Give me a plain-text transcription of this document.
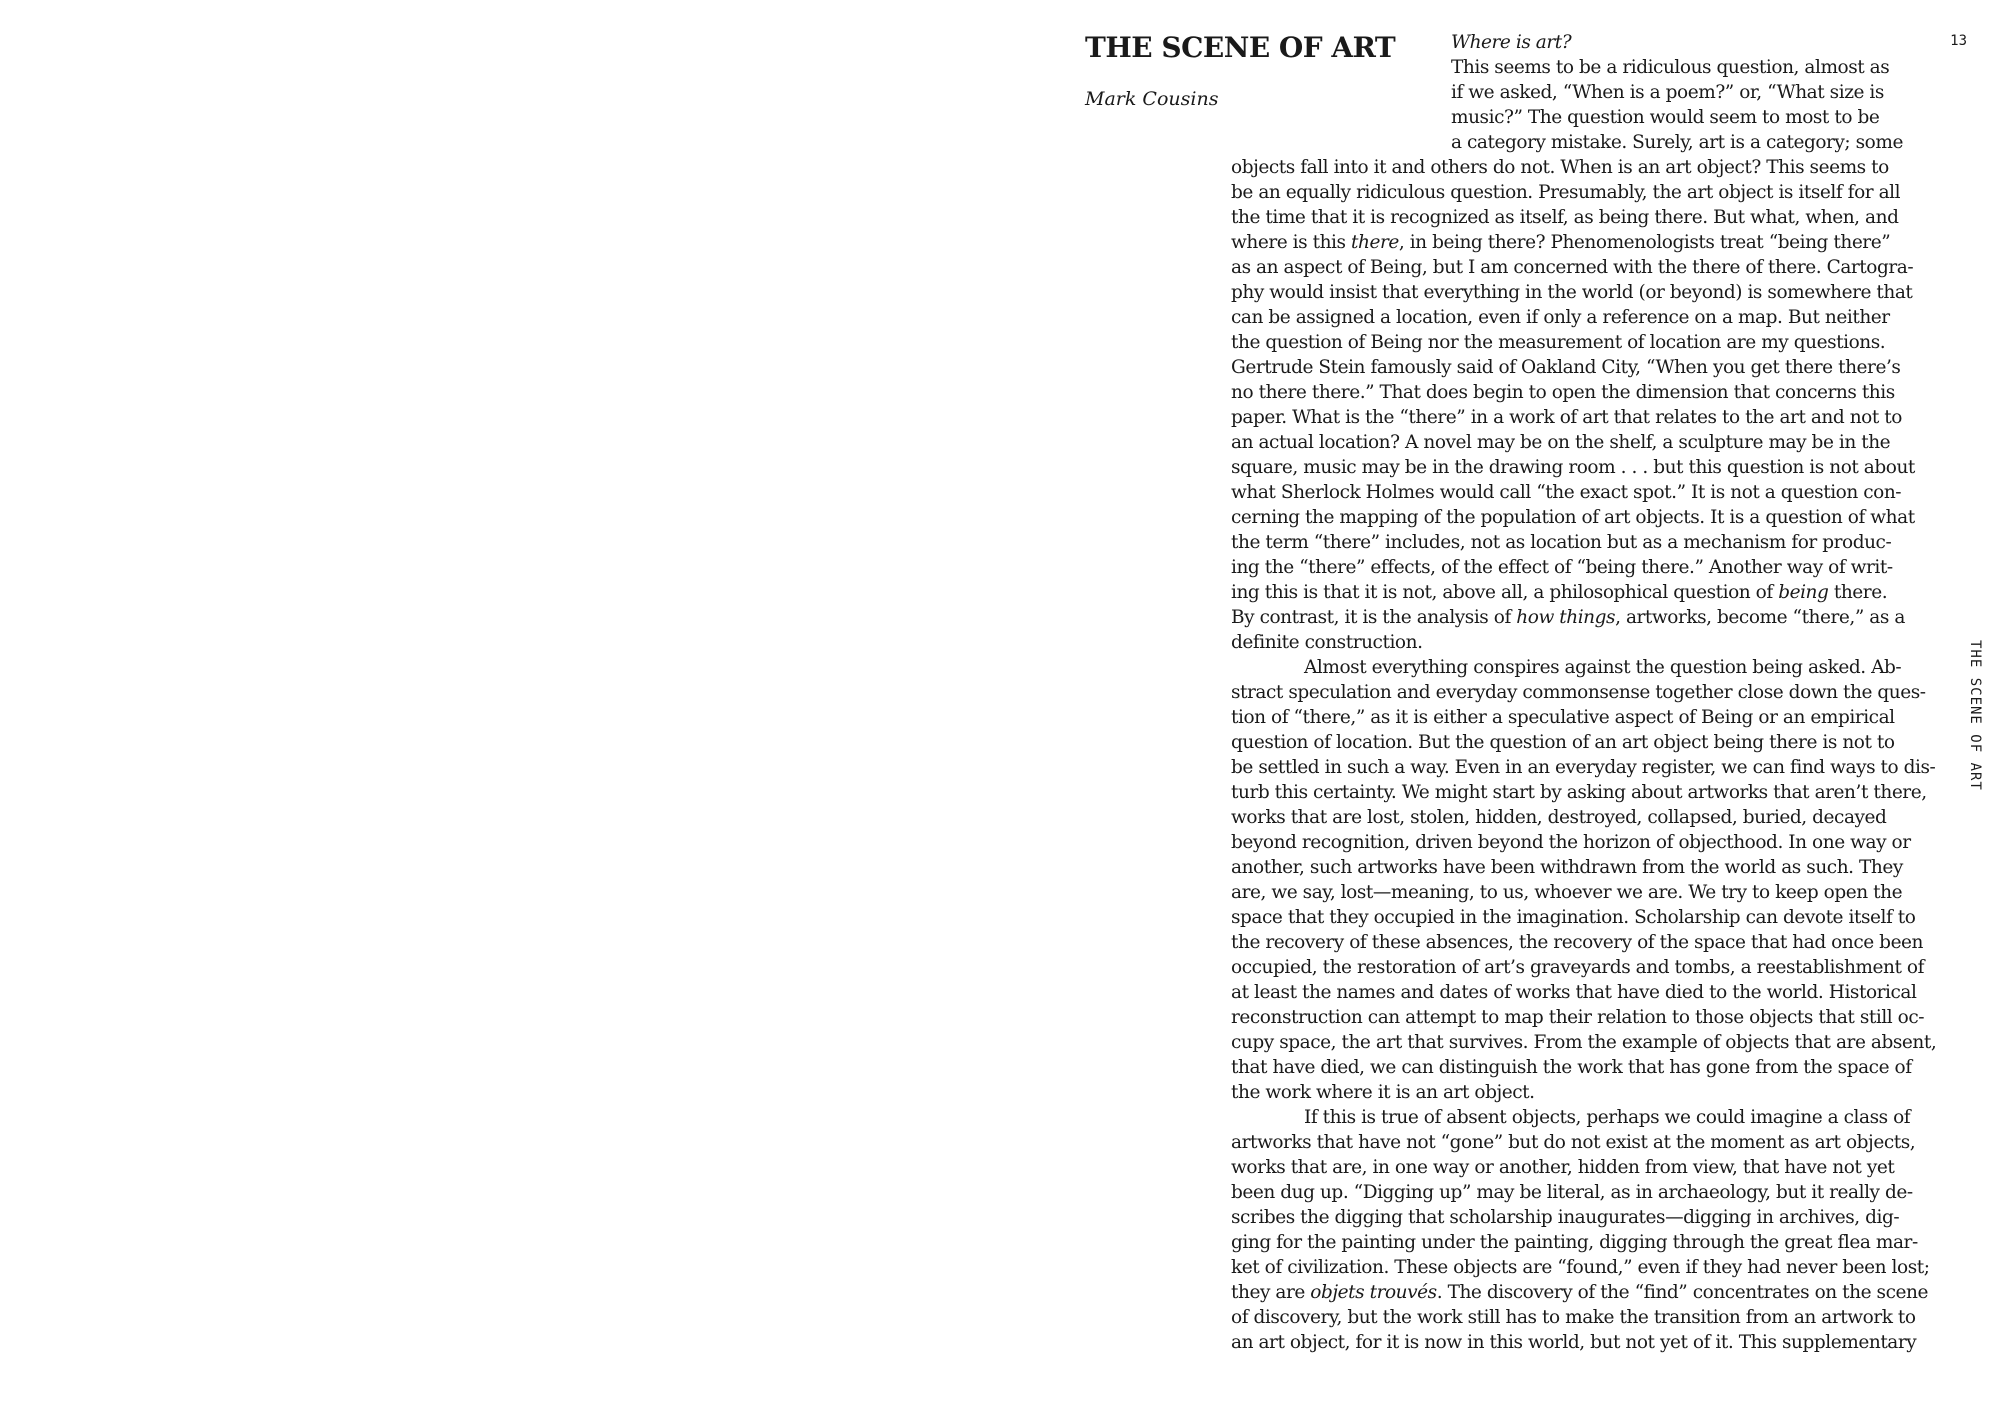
THE SCENE OF ART

Mark Cousins

13
THE SCENE OF ART
Where is art?
This seems to be a ridiculous question, almost as
if we asked, “When is a poem?” or, “What size is
music?” The question would seem to most to be
a category mistake. Surely, art is a category; some
objects fall into it and others do not. When is an art object? This seems to
be an equally ridiculous question. Presumably, the art object is itself for all
the time that it is recognized as itself, as being there. But what, when, and
where is this there, in being there? Phenomenologists treat “being there”
as an aspect of Being, but I am concerned with the there of there. Cartogra-
phy would insist that everything in the world (or beyond) is somewhere that
can be assigned a location, even if only a reference on a map. But neither
the question of Being nor the measurement of location are my questions.
Gertrude Stein famously said of Oakland City, “When you get there there’s
no there there.” That does begin to open the dimension that concerns this
paper. What is the “there” in a work of art that relates to the art and not to
an actual location? A novel may be on the shelf, a sculpture may be in the
square, music may be in the drawing room . . . but this question is not about
what Sherlock Holmes would call “the exact spot.” It is not a question con-
cerning the mapping of the population of art objects. It is a question of what
the term “there” includes, not as location but as a mechanism for produc-
ing the “there” effects, of the effect of “being there.” Another way of writ-
ing this is that it is not, above all, a philosophical question of being there.
By contrast, it is the analysis of how things, artworks, become “there,” as a
definite construction.
Almost everything conspires against the question being asked. Ab-
stract speculation and everyday commonsense together close down the ques-
tion of “there,” as it is either a speculative aspect of Being or an empirical
question of location. But the question of an art object being there is not to
be settled in such a way. Even in an everyday register, we can find ways to dis-
turb this certainty. We might start by asking about artworks that aren’t there,
works that are lost, stolen, hidden, destroyed, collapsed, buried, decayed
beyond recognition, driven beyond the horizon of objecthood. In one way or
another, such artworks have been withdrawn from the world as such. They
are, we say, lost—meaning, to us, whoever we are. We try to keep open the
space that they occupied in the imagination. Scholarship can devote itself to
the recovery of these absences, the recovery of the space that had once been
occupied, the restoration of art’s graveyards and tombs, a reestablishment of
at least the names and dates of works that have died to the world. Historical
reconstruction can attempt to map their relation to those objects that still oc-
cupy space, the art that survives. From the example of objects that are absent,
that have died, we can distinguish the work that has gone from the space of
the work where it is an art object.
If this is true of absent objects, perhaps we could imagine a class of
artworks that have not “gone” but do not exist at the moment as art objects,
works that are, in one way or another, hidden from view, that have not yet
been dug up. “Digging up” may be literal, as in archaeology, but it really de-
scribes the digging that scholarship inaugurates—digging in archives, dig-
ging for the painting under the painting, digging through the great flea mar-
ket of civilization. These objects are “found,” even if they had never been lost;
they are objets trouvés. The discovery of the “find” concentrates on the scene
of discovery, but the work still has to make the transition from an artwork to
an art object, for it is now in this world, but not yet of it. This supplementary
